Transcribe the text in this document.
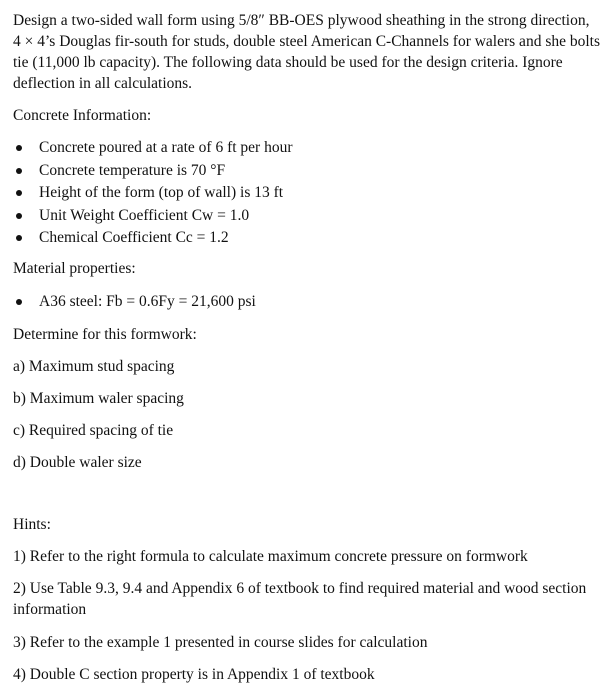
Design a two-sided wall form using 5/8″ BB-OES plywood sheathing in the strong direction, 4 × 4’s Douglas fir-south for studs, double steel American C-Channels for walers and she bolts tie (11,000 lb capacity). The following data should be used for the design criteria. Ignore deflection in all calculations.

Concrete Information:

Concrete poured at a rate of 6 ft per hour
Concrete temperature is 70 °F
Height of the form (top of wall) is 13 ft
Unit Weight Coefficient Cw = 1.0
Chemical Coefficient Cc = 1.2

Material properties:

A36 steel: Fb = 0.6Fy = 21,600 psi

Determine for this formwork:

a) Maximum stud spacing

b) Maximum waler spacing

c) Required spacing of tie

d) Double waler size

Hints:

1) Refer to the right formula to calculate maximum concrete pressure on formwork

2) Use Table 9.3, 9.4 and Appendix 6 of textbook to find required material and wood section information

3) Refer to the example 1 presented in course slides for calculation

4) Double C section property is in Appendix 1 of textbook
